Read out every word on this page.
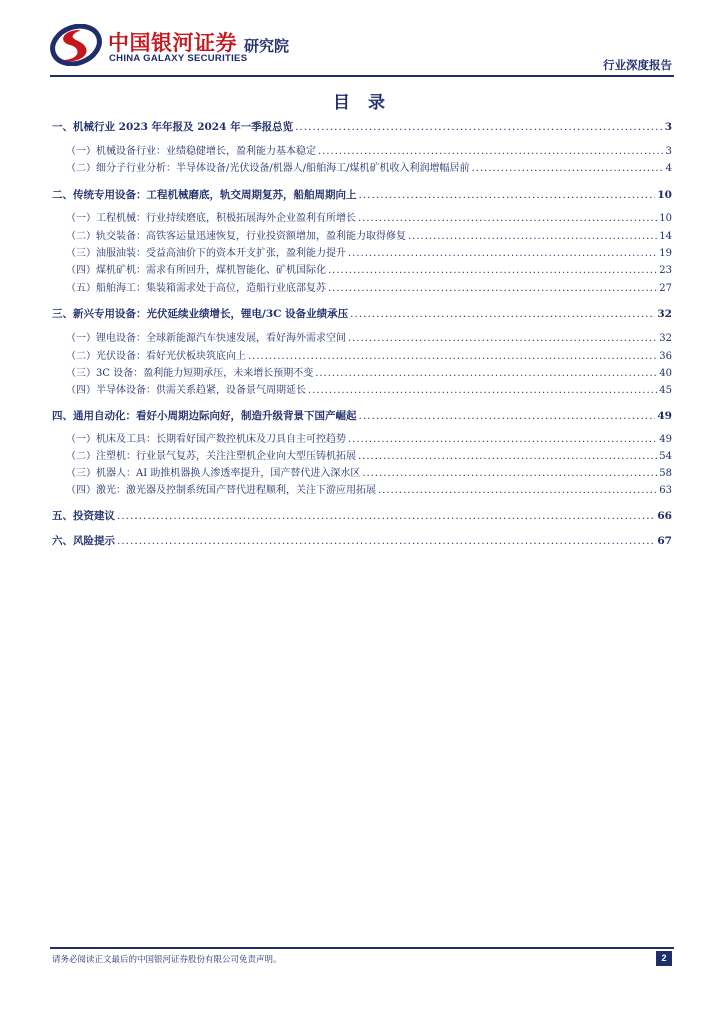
中国银河证券
CHINA GALAXY SECURITIES
研究院
行业深度报告
目 录
一、机械行业 2023 年年报及 2024 年一季报总览 .....	3
（一）机械设备行业：业绩稳健增长，盈利能力基本稳定 .....	3
（二）细分子行业分析：半导体设备/光伏设备/机器人/船舶海工/煤机矿机收入利润增幅居前 .....	4
二、传统专用设备：工程机械磨底，轨交周期复苏，船舶周期向上 .....	10
（一）工程机械：行业持续磨底，积极拓展海外企业盈利有所增长 .....	10
（二）轨交装备：高铁客运量迅速恢复，行业投资额增加，盈利能力取得修复 .....	14
（三）油服油装：受益高油价下的资本开支扩张，盈利能力提升 .....	19
（四）煤机矿机：需求有所回升，煤机智能化、矿机国际化 .....	23
（五）船舶海工：集装箱需求处于高位，造船行业底部复苏 .....	27
三、新兴专用设备：光伏延续业绩增长，锂电/3C 设备业绩承压 .....	32
（一）锂电设备：全球新能源汽车快速发展，看好海外需求空间 .....	32
（二）光伏设备：看好光伏板块筑底向上 .....	36
（三）3C 设备：盈利能力短期承压，未来增长预期不变 .....	40
（四）半导体设备：供需关系趋紧，设备景气周期延长 .....	45
四、通用自动化：看好小周期边际向好，制造升级背景下国产崛起 .....	49
（一）机床及工具：长期看好国产数控机床及刀具自主可控趋势 .....	49
（二）注塑机：行业景气复苏，关注注塑机企业向大型压铸机拓展 .....	54
（三）机器人：AI 助推机器换人渗透率提升，国产替代进入深水区 .....	58
（四）激光：激光器及控制系统国产替代进程顺利，关注下游应用拓展 .....	63
五、投资建议 .....	66
六、风险提示 .....	67
请务必阅读正文最后的中国银河证券股份有限公司免责声明。	2
